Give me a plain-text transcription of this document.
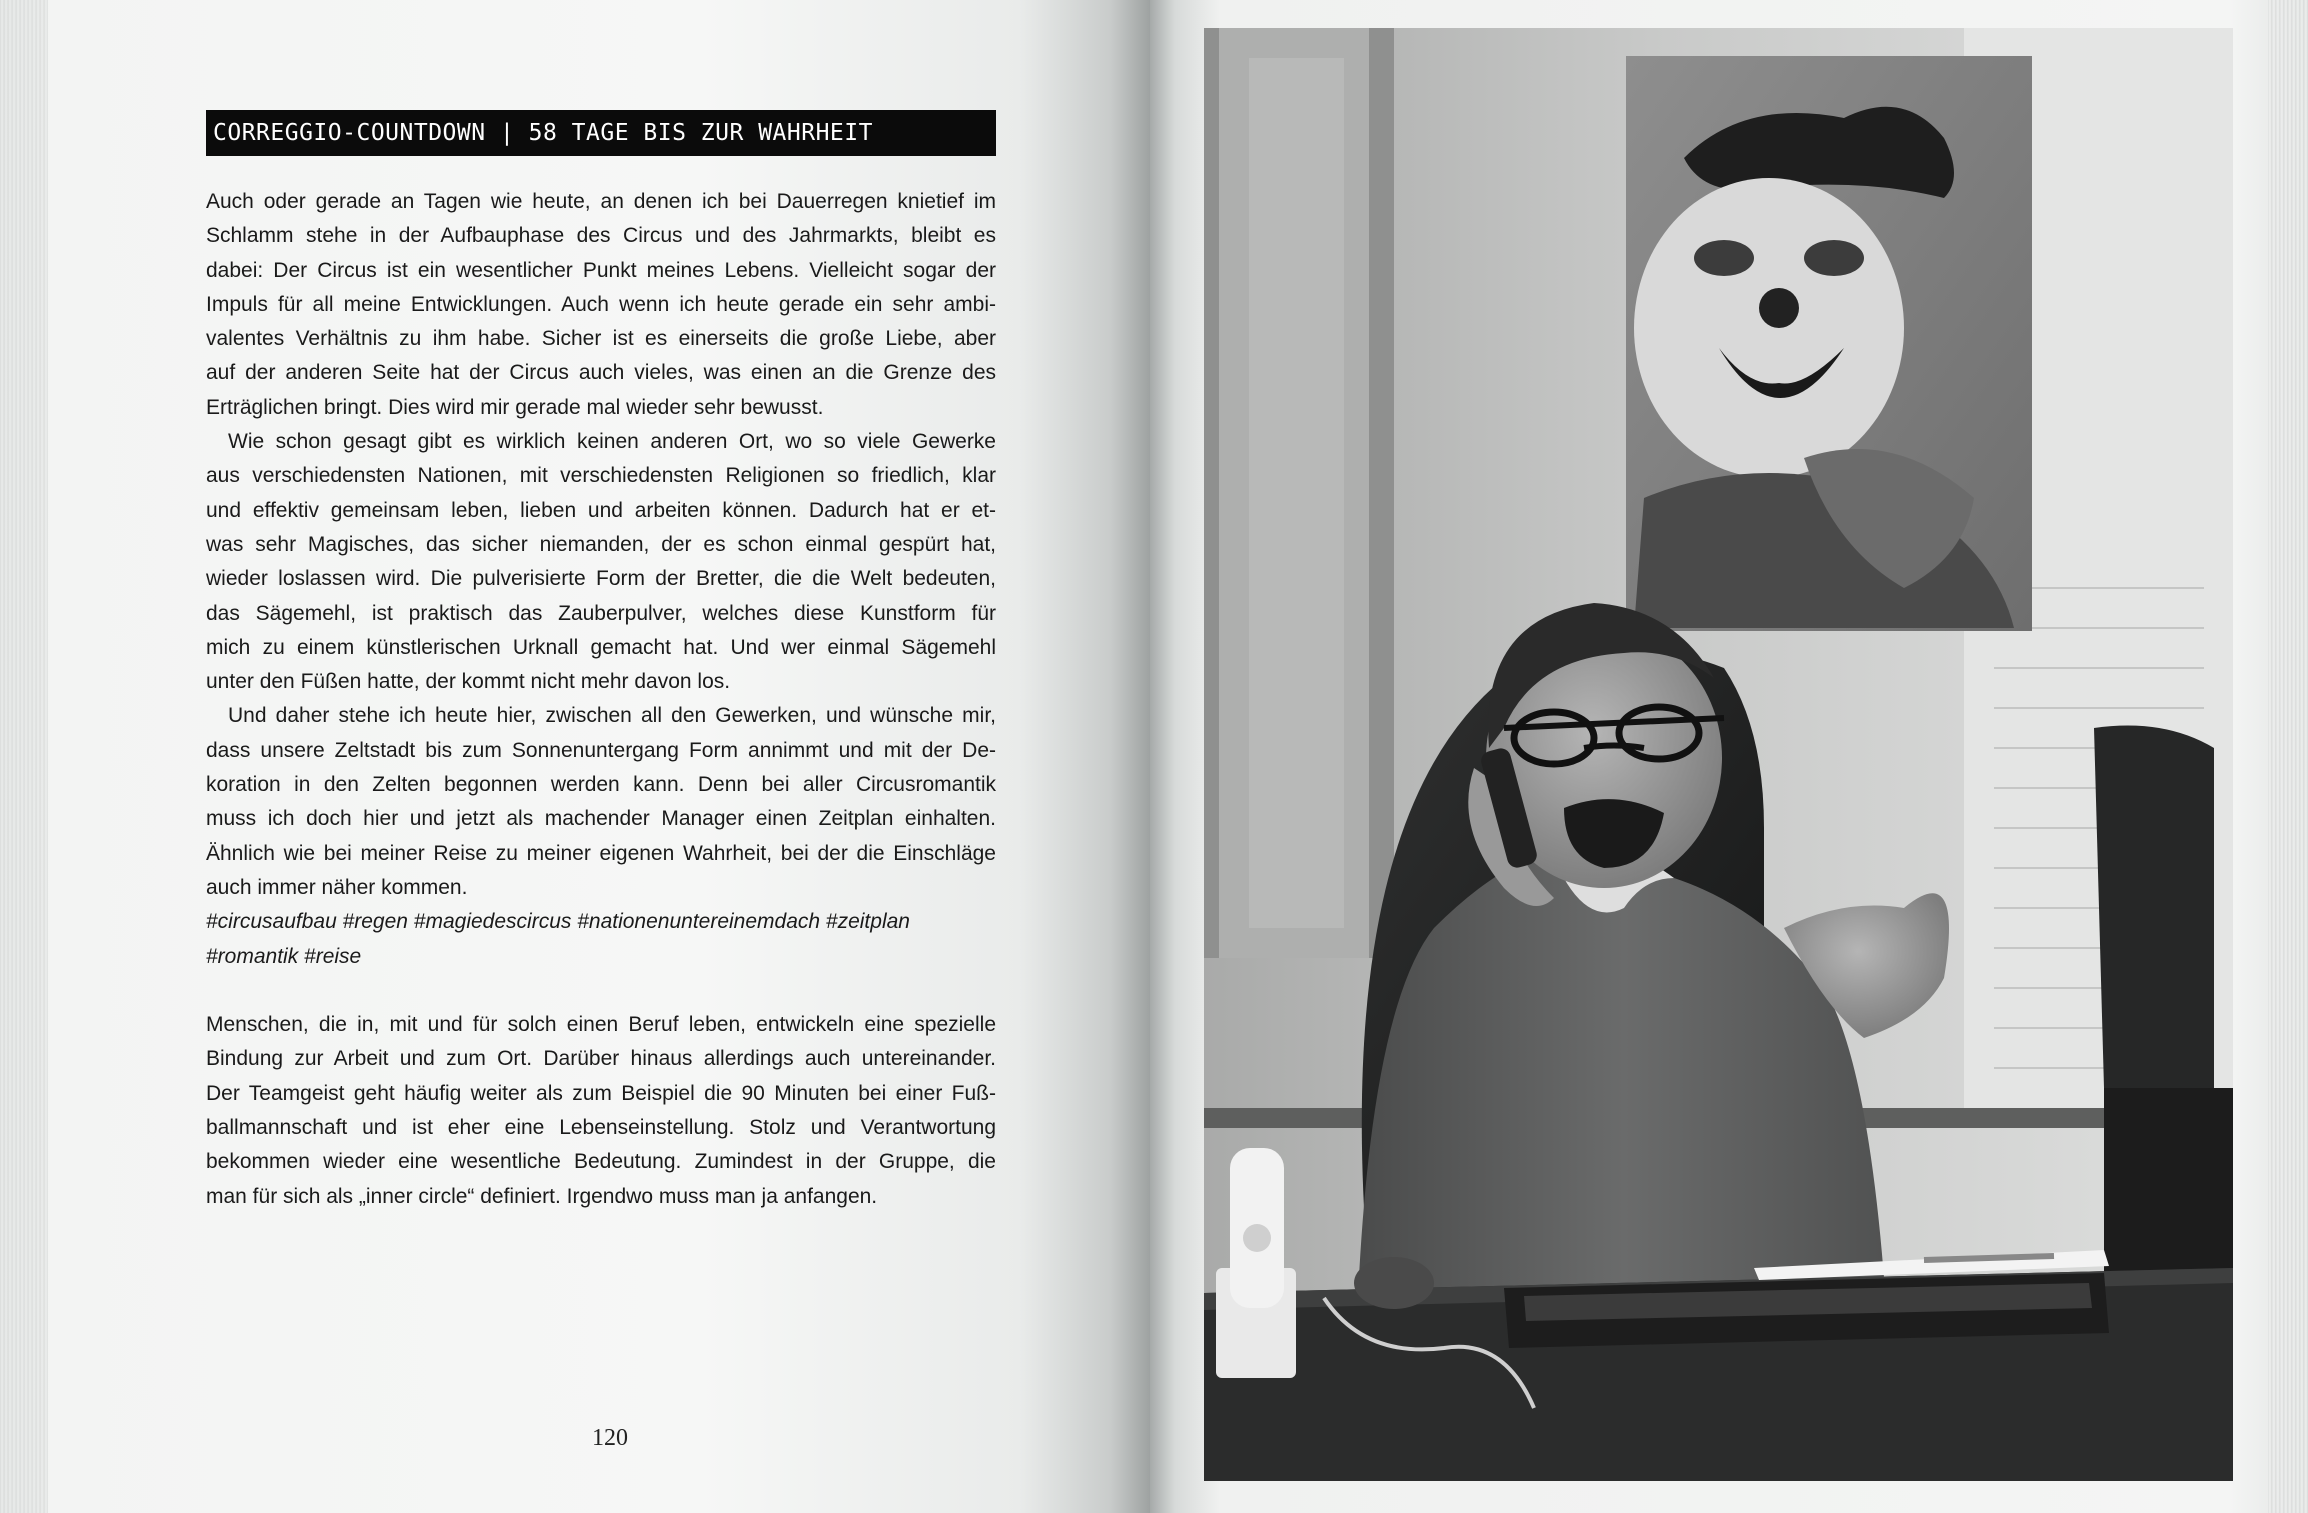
CORREGGIO-COUNTDOWN | 58 TAGE BIS ZUR WAHRHEIT
Auch oder gerade an Tagen wie heute, an denen ich bei Dauerregen knietief im
Schlamm stehe in der Aufbauphase des Circus und des Jahrmarkts, bleibt es
dabei: Der Circus ist ein wesentlicher Punkt meines Lebens. Vielleicht sogar der
Impuls für all meine Entwicklungen. Auch wenn ich heute gerade ein sehr ambi-
valentes Verhältnis zu ihm habe. Sicher ist es einerseits die große Liebe, aber
auf der anderen Seite hat der Circus auch vieles, was einen an die Grenze des
Erträglichen bringt. Dies wird mir gerade mal wieder sehr bewusst.
Wie schon gesagt gibt es wirklich keinen anderen Ort, wo so viele Gewerke
aus verschiedensten Nationen, mit verschiedensten Religionen so friedlich, klar
und effektiv gemeinsam leben, lieben und arbeiten können. Dadurch hat er et-
was sehr Magisches, das sicher niemanden, der es schon einmal gespürt hat,
wieder loslassen wird. Die pulverisierte Form der Bretter, die die Welt bedeuten,
das Sägemehl, ist praktisch das Zauberpulver, welches diese Kunstform für
mich zu einem künstlerischen Urknall gemacht hat. Und wer einmal Sägemehl
unter den Füßen hatte, der kommt nicht mehr davon los.
Und daher stehe ich heute hier, zwischen all den Gewerken, und wünsche mir,
dass unsere Zeltstadt bis zum Sonnenuntergang Form annimmt und mit der De-
koration in den Zelten begonnen werden kann. Denn bei aller Circusromantik
muss ich doch hier und jetzt als machender Manager einen Zeitplan einhalten.
Ähnlich wie bei meiner Reise zu meiner eigenen Wahrheit, bei der die Einschläge
auch immer näher kommen.
#circusaufbau #regen #magiedescircus #nationenuntereinemdach #zeitplan
#romantik #reise
Menschen, die in, mit und für solch einen Beruf leben, entwickeln eine spezielle
Bindung zur Arbeit und zum Ort. Darüber hinaus allerdings auch untereinander.
Der Teamgeist geht häufig weiter als zum Beispiel die 90 Minuten bei einer Fuß-
ballmannschaft und ist eher eine Lebenseinstellung. Stolz und Verantwortung
bekommen wieder eine wesentliche Bedeutung. Zumindest in der Gruppe, die
man für sich als „inner circle“ definiert. Irgendwo muss man ja anfangen.
120
